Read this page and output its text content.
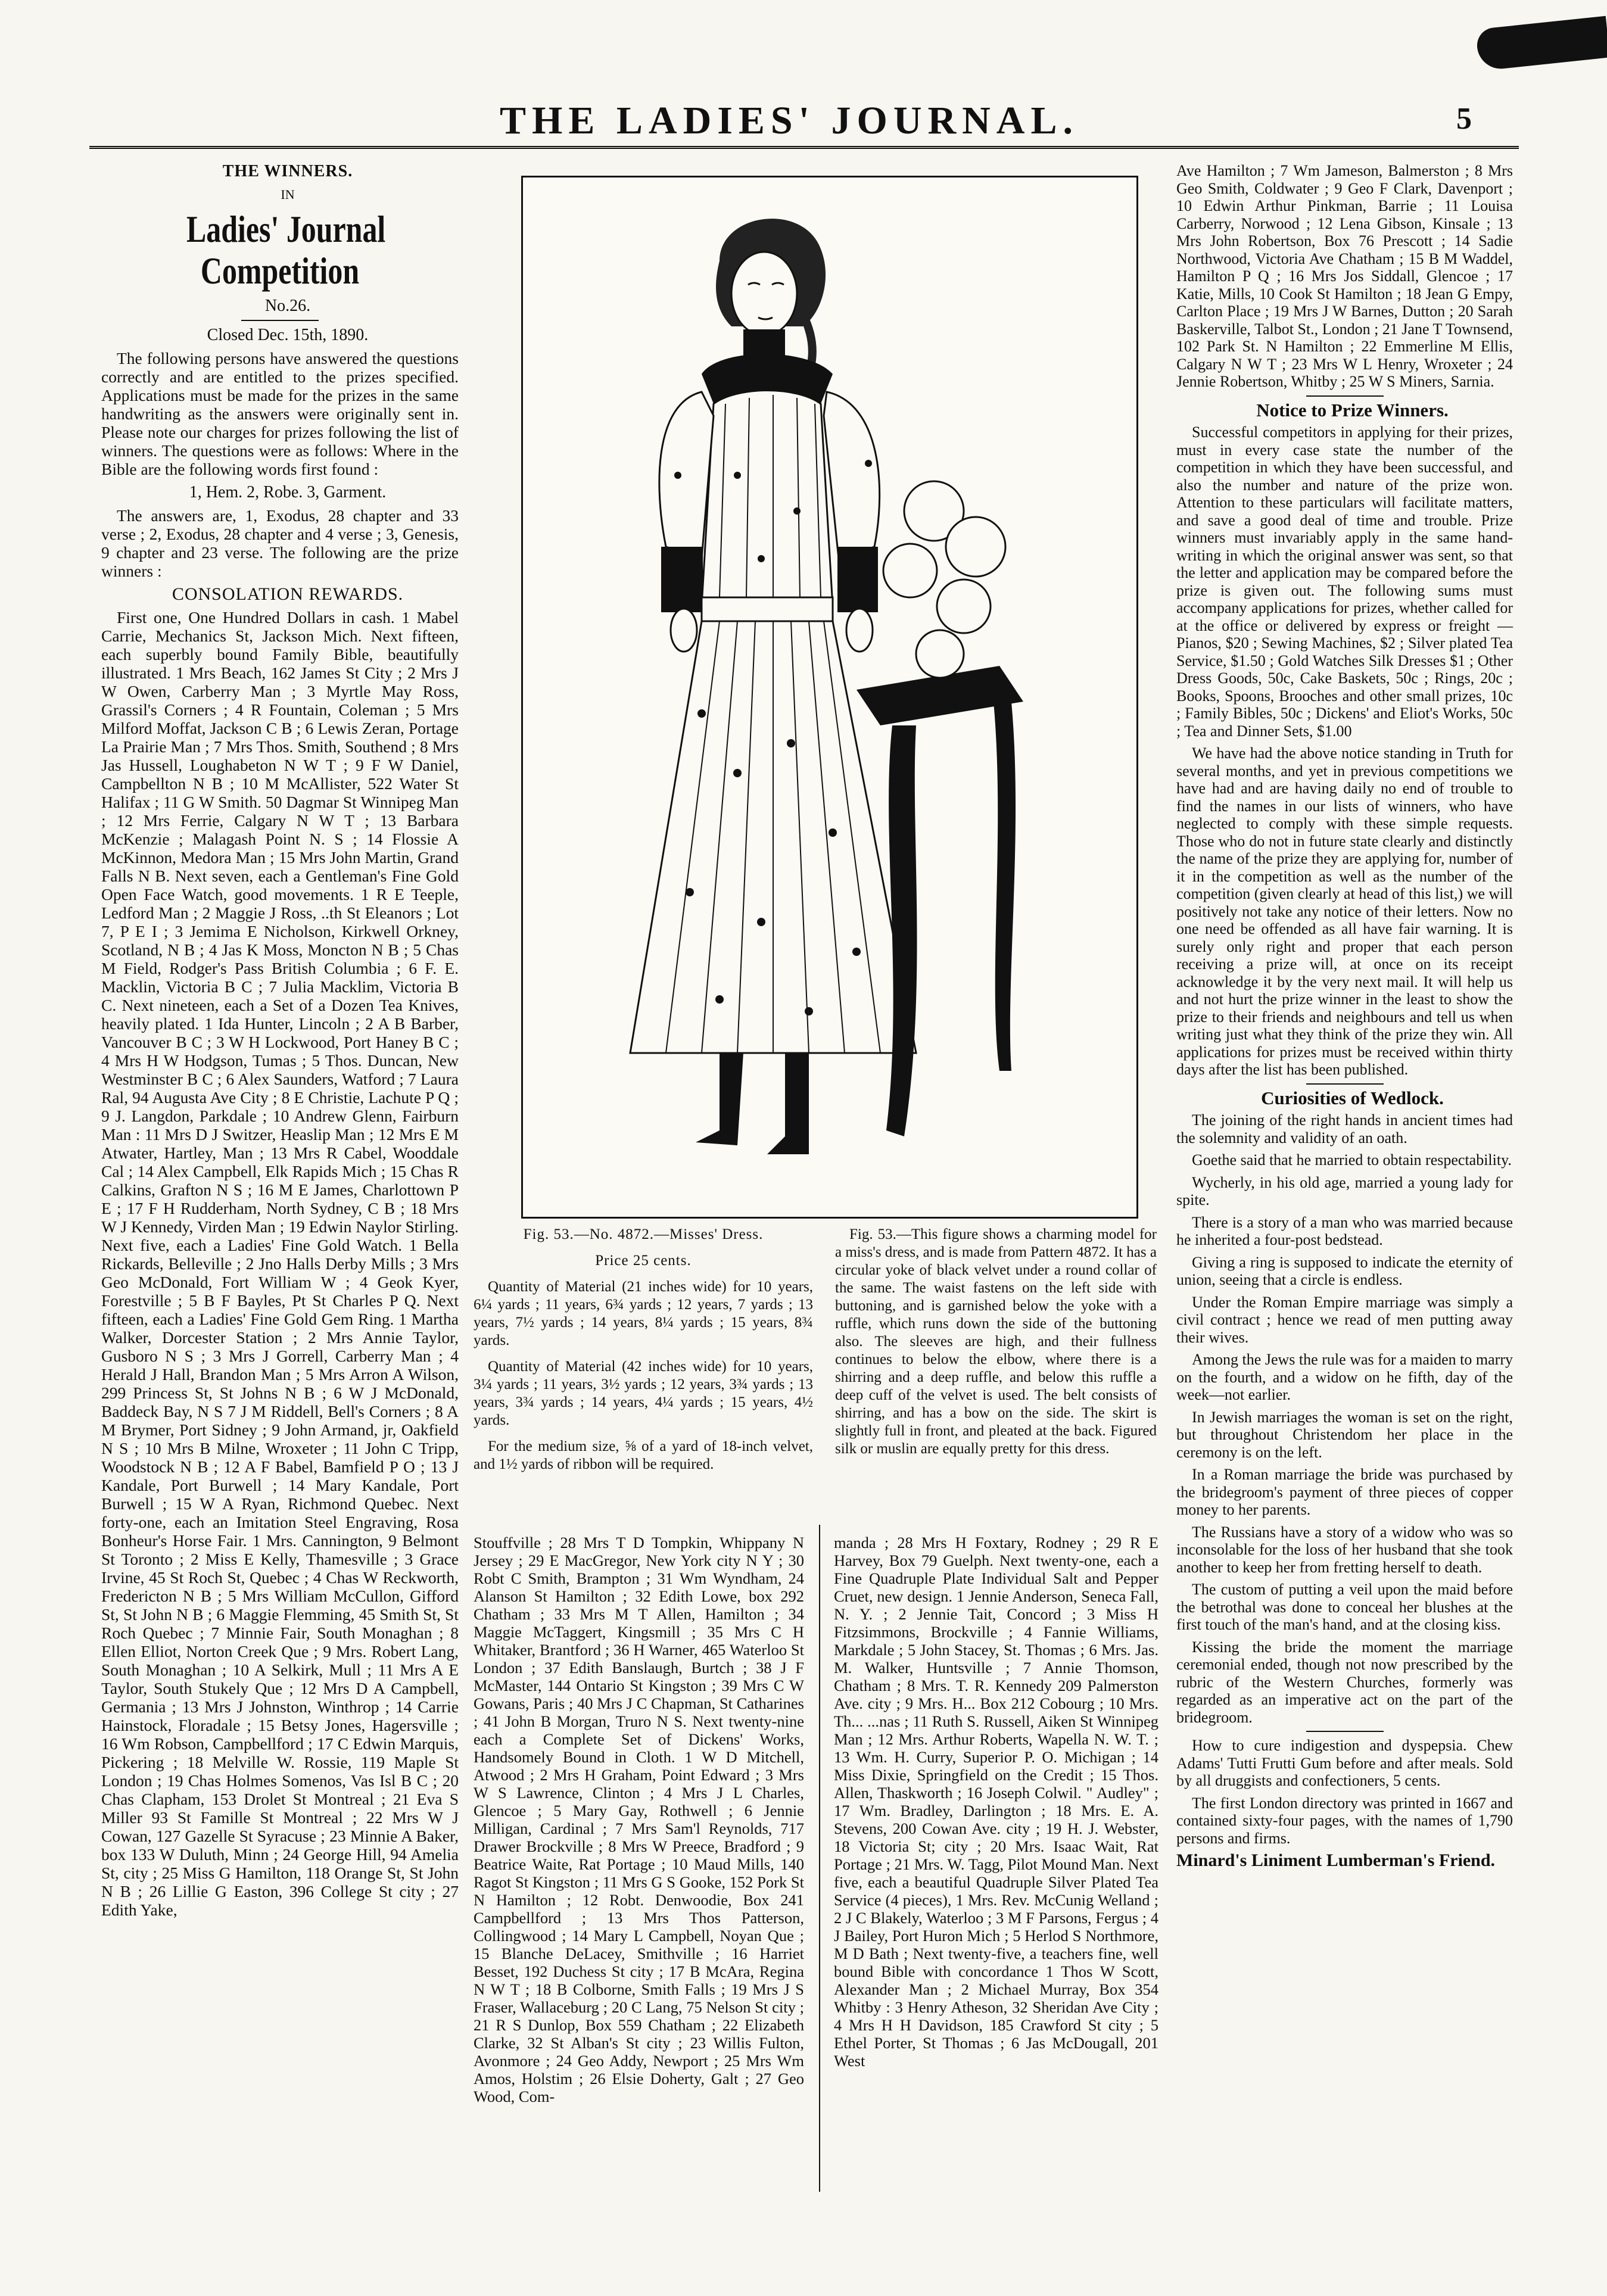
THE LADIES' JOURNAL.	5

THE WINNERS.

IN

Ladies' Journal Competition

No.26.

Closed Dec. 15th, 1890.

The following persons have answered the questions correctly and are entitled to the prizes specified. Applications must be made for the prizes in the same handwriting as the answers were originally sent in. Please note our charges for prizes following the list of winners. The questions were as follows: Where in the Bible are the following words first found :

1, Hem. 2, Robe. 3, Garment.

The answers are, 1, Exodus, 28 chapter and 33 verse ; 2, Exodus, 28 chapter and 4 verse ; 3, Genesis, 9 chapter and 23 verse. The following are the prize winners :

CONSOLATION REWARDS.

First one, One Hundred Dollars in cash. 1 Mabel Carrie, Mechanics St, Jackson Mich. Next fifteen, each superbly bound Family Bible, beautifully illustrated. 1 Mrs Beach, 162 James St City ; 2 Mrs J W Owen, Carberry Man ; 3 Myrtle May Ross, Grassil's Corners ; 4 R Fountain, Coleman ; 5 Mrs Milford Moffat, Jackson C B ; 6 Lewis Zeran, Portage La Prairie Man ; 7 Mrs Thos. Smith, Southend ; 8 Mrs Jas Hussell, Loughabeton N W T ; 9 F W Daniel, Campbellton N B ; 10 M McAllister, 522 Water St Halifax ; 11 G W Smith. 50 Dagmar St Winnipeg Man ; 12 Mrs Ferrie, Calgary N W T ; 13 Barbara McKenzie ; Malagash Point N. S ; 14 Flossie A McKinnon, Medora Man ; 15 Mrs John Martin, Grand Falls N B. Next seven, each a Gentleman's Fine Gold Open Face Watch, good movements. 1 R E Teeple, Ledford Man ; 2 Maggie J Ross, ..th St Eleanors ; Lot 7, P E I ; 3 Jemima E Nicholson, Kirkwell Orkney, Scotland, N B ; 4 Jas K Moss, Moncton N B ; 5 Chas M Field, Rodger's Pass British Columbia ; 6 F. E. Macklin, Victoria B C ; 7 Julia Macklim, Victoria B C. Next nineteen, each a Set of a Dozen Tea Knives, heavily plated. 1 Ida Hunter, Lincoln ; 2 A B Barber, Vancouver B C ; 3 W H Lockwood, Port Haney B C ; 4 Mrs H W Hodgson, Tumas ; 5 Thos. Duncan, New Westminster B C ; 6 Alex Saunders, Watford ; 7 Laura Ral, 94 Augusta Ave City ; 8 E Christie, Lachute P Q ; 9 J. Langdon, Parkdale ; 10 Andrew Glenn, Fairburn Man : 11 Mrs D J Switzer, Heaslip Man ; 12 Mrs E M Atwater, Hartley, Man ; 13 Mrs R Cabel, Wooddale Cal ; 14 Alex Campbell, Elk Rapids Mich ; 15 Chas R Calkins, Grafton N S ; 16 M E James, Charlottown P E ; 17 F H Rudderham, North Sydney, C B ; 18 Mrs W J Kennedy, Virden Man ; 19 Edwin Naylor Stirling. Next five, each a Ladies' Fine Gold Watch. 1 Bella Rickards, Belleville ; 2 Jno Halls Derby Mills ; 3 Mrs Geo McDonald, Fort William W ; 4 Geok Kyer, Forestville ; 5 B F Bayles, Pt St Charles P Q. Next fifteen, each a Ladies' Fine Gold Gem Ring. 1 Martha Walker, Dorcester Station ; 2 Mrs Annie Taylor, Gusboro N S ; 3 Mrs J Gorrell, Carberry Man ; 4 Herald J Hall, Brandon Man ; 5 Mrs Arron A Wilson, 299 Princess St, St Johns N B ; 6 W J McDonald, Baddeck Bay, N S 7 J M Riddell, Bell's Corners ; 8 A M Brymer, Port Sidney ; 9 John Armand, jr, Oakfield N S ; 10 Mrs B Milne, Wroxeter ; 11 John C Tripp, Woodstock N B ; 12 A F Babel, Bamfield P O ; 13 J Kandale, Port Burwell ; 14 Mary Kandale, Port Burwell ; 15 W A Ryan, Richmond Quebec. Next forty-one, each an Imitation Steel Engraving, Rosa Bonheur's Horse Fair. 1 Mrs. Cannington, 9 Belmont St Toronto ; 2 Miss E Kelly, Thamesville ; 3 Grace Irvine, 45 St Roch St, Quebec ; 4 Chas W Reckworth, Fredericton N B ; 5 Mrs William McCullon, Gifford St, St John N B ; 6 Maggie Flemming, 45 Smith St, St Roch Quebec ; 7 Minnie Fair, South Monaghan ; 8 Ellen Elliot, Norton Creek Que ; 9 Mrs. Robert Lang, South Monaghan ; 10 A Selkirk, Mull ; 11 Mrs A E Taylor, South Stukely Que ; 12 Mrs D A Campbell, Germania ; 13 Mrs J Johnston, Winthrop ; 14 Carrie Hainstock, Floradale ; 15 Betsy Jones, Hagersville ; 16 Wm Robson, Campbellford ; 17 C Edwin Marquis, Pickering ; 18 Melville W. Rossie, 119 Maple St London ; 19 Chas Holmes Somenos, Vas Isl B C ; 20 Chas Clapham, 153 Drolet St Montreal ; 21 Eva S Miller 93 St Famille St Montreal ; 22 Mrs W J Cowan, 127 Gazelle St Syracuse ; 23 Minnie A Baker, box 133 W Duluth, Minn ; 24 George Hill, 94 Amelia St, city ; 25 Miss G Hamilton, 118 Orange St, St John N B ; 26 Lillie G Easton, 396 College St city ; 27 Edith Yake,

Fig. 53.—No. 4872.—Misses' Dress.

Price 25 cents.

Quantity of Material (21 inches wide) for 10 years, 6¼ yards ; 11 years, 6¾ yards ; 12 years, 7 yards ; 13 years, 7½ yards ; 14 years, 8¼ yards ; 15 years, 8¾ yards.

Quantity of Material (42 inches wide) for 10 years, 3¼ yards ; 11 years, 3½ yards ; 12 years, 3¾ yards ; 13 years, 3¾ yards ; 14 years, 4¼ yards ; 15 years, 4½ yards.

For the medium size, ⅝ of a yard of 18-inch velvet, and 1½ yards of ribbon will be required.

Fig. 53.—This figure shows a charming model for a miss's dress, and is made from Pattern 4872. It has a circular yoke of black velvet under a round collar of the same. The waist fastens on the left side with buttoning, and is garnished below the yoke with a ruffle, which runs down the side of the buttoning also. The sleeves are high, and their fullness continues to below the elbow, where there is a shirring and a deep ruffle, and below this ruffle a deep cuff of the velvet is used. The belt consists of shirring, and has a bow on the side. The skirt is slightly full in front, and pleated at the back. Figured silk or muslin are equally pretty for this dress.

Stouffville ; 28 Mrs T D Tompkin, Whippany N Jersey ; 29 E MacGregor, New York city N Y ; 30 Robt C Smith, Brampton ; 31 Wm Wyndham, 24 Alanson St Hamilton ; 32 Edith Lowe, box 292 Chatham ; 33 Mrs M T Allen, Hamilton ; 34 Maggie McTaggert, Kingsmill ; 35 Mrs C H Whitaker, Brantford ; 36 H Warner, 465 Waterloo St London ; 37 Edith Banslaugh, Burtch ; 38 J F McMaster, 144 Ontario St Kingston ; 39 Mrs C W Gowans, Paris ; 40 Mrs J C Chapman, St Catharines ; 41 John B Morgan, Truro N S. Next twenty-nine each a Complete Set of Dickens' Works, Handsomely Bound in Cloth. 1 W D Mitchell, Atwood ; 2 Mrs H Graham, Point Edward ; 3 Mrs W S Lawrence, Clinton ; 4 Mrs J L Charles, Glencoe ; 5 Mary Gay, Rothwell ; 6 Jennie Milligan, Cardinal ; 7 Mrs Sam'l Reynolds, 717 Drawer Brockville ; 8 Mrs W Preece, Bradford ; 9 Beatrice Waite, Rat Portage ; 10 Maud Mills, 140 Ragot St Kingston ; 11 Mrs G S Gooke, 152 Pork St N Hamilton ; 12 Robt. Denwoodie, Box 241 Campbellford ; 13 Mrs Thos Patterson, Collingwood ; 14 Mary L Campbell, Noyan Que ; 15 Blanche DeLacey, Smithville ; 16 Harriet Besset, 192 Duchess St city ; 17 B McAra, Regina N W T ; 18 B Colborne, Smith Falls ; 19 Mrs J S Fraser, Wallaceburg ; 20 C Lang, 75 Nelson St city ; 21 R S Dunlop, Box 559 Chatham ; 22 Elizabeth Clarke, 32 St Alban's St city ; 23 Willis Fulton, Avonmore ; 24 Geo Addy, Newport ; 25 Mrs Wm Amos, Holstim ; 26 Elsie Doherty, Galt ; 27 Geo Wood, Com-

manda ; 28 Mrs H Foxtary, Rodney ; 29 R E Harvey, Box 79 Guelph. Next twenty-one, each a Fine Quadruple Plate Individual Salt and Pepper Cruet, new design. 1 Jennie Anderson, Seneca Fall, N. Y. ; 2 Jennie Tait, Concord ; 3 Miss H Fitzsimmons, Brockville ; 4 Fannie Williams, Markdale ; 5 John Stacey, St. Thomas ; 6 Mrs. Jas. M. Walker, Huntsville ; 7 Annie Thomson, Chatham ; 8 Mrs. T. R. Kennedy 209 Palmerston Ave. city ; 9 Mrs. H... Box 212 Cobourg ; 10 Mrs. Th... ...nas ; 11 Ruth S. Russell, Aiken St Winnipeg Man ; 12 Mrs. Arthur Roberts, Wapella N. W. T. ; 13 Wm. H. Curry, Superior P. O. Michigan ; 14 Miss Dixie, Springfield on the Credit ; 15 Thos. Allen, Thaskworth ; 16 Joseph Colwil. " Audley" ; 17 Wm. Bradley, Darlington ; 18 Mrs. E. A. Stevens, 200 Cowan Ave. city ; 19 H. J. Webster, 18 Victoria St; city ; 20 Mrs. Isaac Wait, Rat Portage ; 21 Mrs. W. Tagg, Pilot Mound Man. Next five, each a beautiful Quadruple Silver Plated Tea Service (4 pieces), 1 Mrs. Rev. McCunig Welland ; 2 J C Blakely, Waterloo ; 3 M F Parsons, Fergus ; 4 J Bailey, Port Huron Mich ; 5 Herlod S Northmore, M D Bath ; Next twenty-five, a teachers fine, well bound Bible with concordance 1 Thos W Scott, Alexander Man ; 2 Michael Murray, Box 354 Whitby : 3 Henry Atheson, 32 Sheridan Ave City ; 4 Mrs H H Davidson, 185 Crawford St city ; 5 Ethel Porter, St Thomas ; 6 Jas McDougall, 201 West

Ave Hamilton ; 7 Wm Jameson, Balmerston ; 8 Mrs Geo Smith, Coldwater ; 9 Geo F Clark, Davenport ; 10 Edwin Arthur Pinkman, Barrie ; 11 Louisa Carberry, Norwood ; 12 Lena Gibson, Kinsale ; 13 Mrs John Robertson, Box 76 Prescott ; 14 Sadie Northwood, Victoria Ave Chatham ; 15 B M Waddel, Hamilton P Q ; 16 Mrs Jos Siddall, Glencoe ; 17 Katie, Mills, 10 Cook St Hamilton ; 18 Jean G Empy, Carlton Place ; 19 Mrs J W Barnes, Dutton ; 20 Sarah Baskerville, Talbot St., London ; 21 Jane T Townsend, 102 Park St. N Hamilton ; 22 Emmerline M Ellis, Calgary N W T ; 23 Mrs W L Henry, Wroxeter ; 24 Jennie Robertson, Whitby ; 25 W S Miners, Sarnia.

Notice to Prize Winners.

Successful competitors in applying for their prizes, must in every case state the number of the competition in which they have been successful, and also the number and nature of the prize won. Attention to these particulars will facilitate matters, and save a good deal of time and trouble. Prize winners must invariably apply in the same hand-writing in which the original answer was sent, so that the letter and application may be compared before the prize is given out. The following sums must accompany applications for prizes, whether called for at the office or delivered by express or freight —Pianos, $20 ; Sewing Machines, $2 ; Silver plated Tea Service, $1.50 ; Gold Watches Silk Dresses $1 ; Other Dress Goods, 50c, Cake Baskets, 50c ; Rings, 20c ; Books, Spoons, Brooches and other small prizes, 10c ; Family Bibles, 50c ; Dickens' and Eliot's Works, 50c ; Tea and Dinner Sets, $1.00

We have had the above notice standing in Truth for several months, and yet in previous competitions we have had and are having daily no end of trouble to find the names in our lists of winners, who have neglected to comply with these simple requests. Those who do not in future state clearly and distinctly the name of the prize they are applying for, number of it in the competition as well as the number of the competition (given clearly at head of this list,) we will positively not take any notice of their letters. Now no one need be offended as all have fair warning. It is surely only right and proper that each person receiving a prize will, at once on its receipt acknowledge it by the very next mail. It will help us and not hurt the prize winner in the least to show the prize to their friends and neighbours and tell us when writing just what they think of the prize they win. All applications for prizes must be received within thirty days after the list has been published.

Curiosities of Wedlock.

The joining of the right hands in ancient times had the solemnity and validity of an oath.

Goethe said that he married to obtain respectability.

Wycherly, in his old age, married a young lady for spite.

There is a story of a man who was married because he inherited a four-post bedstead.

Giving a ring is supposed to indicate the eternity of union, seeing that a circle is endless.

Under the Roman Empire marriage was simply a civil contract ; hence we read of men putting away their wives.

Among the Jews the rule was for a maiden to marry on the fourth, and a widow on he fifth, day of the week—not earlier.

In Jewish marriages the woman is set on the right, but throughout Christendom her place in the ceremony is on the left.

In a Roman marriage the bride was purchased by the bridegroom's payment of three pieces of copper money to her parents.

The Russians have a story of a widow who was so inconsolable for the loss of her husband that she took another to keep her from fretting herself to death.

The custom of putting a veil upon the maid before the betrothal was done to conceal her blushes at the first touch of the man's hand, and at the closing kiss.

Kissing the bride the moment the marriage ceremonial ended, though not now prescribed by the rubric of the Western Churches, formerly was regarded as an imperative act on the part of the bridegroom.

How to cure indigestion and dyspepsia. Chew Adams' Tutti Frutti Gum before and after meals. Sold by all druggists and confectioners, 5 cents.

The first London directory was printed in 1667 and contained sixty-four pages, with the names of 1,790 persons and firms.

Minard's Liniment Lumberman's Friend.
